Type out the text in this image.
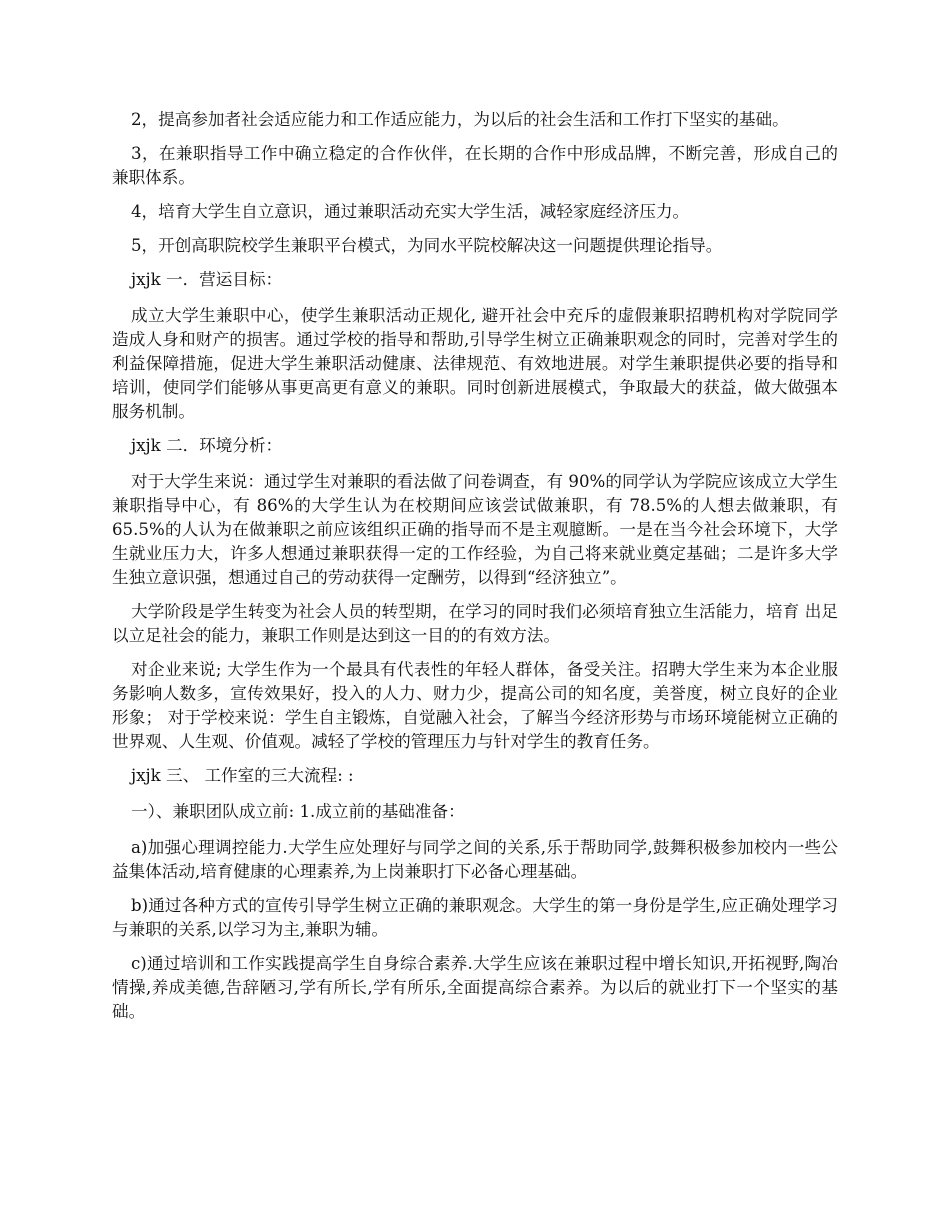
2，提高参加者社会适应能力和工作适应能力，为以后的社会生活和工作打下坚实的基础。

3，在兼职指导工作中确立稳定的合作伙伴，在长期的合作中形成品牌，不断完善，形成自己的兼职体系。

4，培育大学生自立意识，通过兼职活动充实大学生活，减轻家庭经济压力。

5，开创高职院校学生兼职平台模式，为同水平院校解决这一问题提供理论指导。

jxjk 一．营运目标：

成立大学生兼职中心，使学生兼职活动正规化, 避开社会中充斥的虚假兼职招聘机构对学院同学造成人身和财产的损害。通过学校的指导和帮助,引导学生树立正确兼职观念的同时，完善对学生的利益保障措施，促进大学生兼职活动健康、法律规范、有效地进展。对学生兼职提供必要的指导和培训，使同学们能够从事更高更有意义的兼职。同时创新进展模式，争取最大的获益，做大做强本服务机制。

jxjk 二．环境分析：

对于大学生来说：通过学生对兼职的看法做了问卷调查，有 90%的同学认为学院应该成立大学生兼职指导中心，有 86%的大学生认为在校期间应该尝试做兼职，有 78.5%的人想去做兼职，有 65.5%的人认为在做兼职之前应该组织正确的指导而不是主观臆断。一是在当今社会环境下，大学生就业压力大，许多人想通过兼职获得一定的工作经验，为自己将来就业奠定基础；二是许多大学生独立意识强，想通过自己的劳动获得一定酬劳，以得到“经济独立”。

大学阶段是学生转变为社会人员的转型期，在学习的同时我们必须培育独立生活能力，培育 出足以立足社会的能力，兼职工作则是达到这一目的的有效方法。

对企业来说; 大学生作为一个最具有代表性的年轻人群体，备受关注。招聘大学生来为本企业服务影响人数多，宣传效果好，投入的人力、财力少，提高公司的知名度，美誉度，树立良好的企业形象； 对于学校来说：学生自主锻炼，自觉融入社会，了解当今经济形势与市场环境能树立正确的世界观、人生观、价值观。减轻了学校的管理压力与针对学生的教育任务。

jxjk 三、 工作室的三大流程: :

一）、兼职团队成立前: 1.成立前的基础准备：

a)加强心理调控能力.大学生应处理好与同学之间的关系,乐于帮助同学,鼓舞积极参加校内一些公益集体活动,培育健康的心理素养,为上岗兼职打下必备心理基础。

b)通过各种方式的宣传引导学生树立正确的兼职观念。大学生的第一身份是学生,应正确处理学习与兼职的关系,以学习为主,兼职为辅。

c)通过培训和工作实践提高学生自身综合素养.大学生应该在兼职过程中增长知识,开拓视野,陶冶情操,养成美德,告辞陋习,学有所长,学有所乐,全面提高综合素养。为以后的就业打下一个坚实的基础。
